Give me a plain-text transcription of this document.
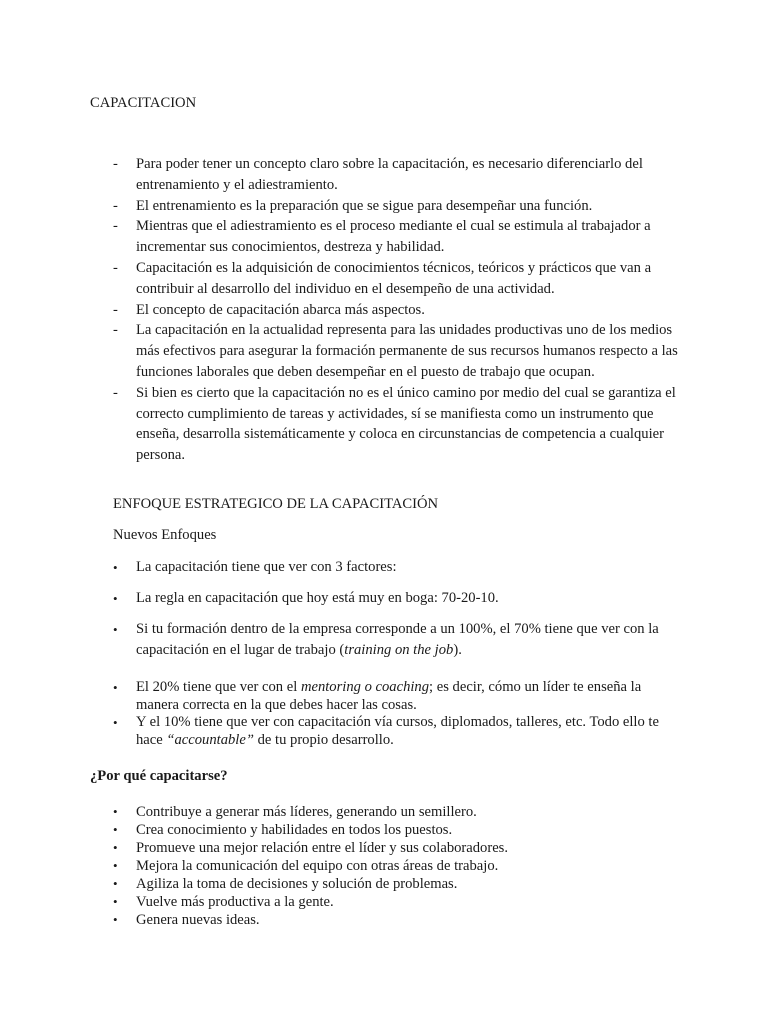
CAPACITACION
- Para poder tener un concepto claro sobre la capacitación, es necesario diferenciarlo del entrenamiento y el adiestramiento.
- El entrenamiento es la preparación que se sigue para desempeñar una función.
- Mientras que el adiestramiento es el proceso mediante el cual se estimula al trabajador a incrementar sus conocimientos, destreza y habilidad.
- Capacitación es la adquisición de conocimientos técnicos, teóricos y prácticos que van a contribuir al desarrollo del individuo en el desempeño de una actividad.
- El concepto de capacitación abarca más aspectos.
- La capacitación en la actualidad representa para las unidades productivas uno de los medios más efectivos para asegurar la formación permanente de sus recursos humanos respecto a las funciones laborales que deben desempeñar en el puesto de trabajo que ocupan.
- Si bien es cierto que la capacitación no es el único camino por medio del cual se garantiza el correcto cumplimiento de tareas y actividades, sí se manifiesta como un instrumento que enseña, desarrolla sistemáticamente y coloca en circunstancias de competencia a cualquier persona.

ENFOQUE ESTRATEGICO DE LA CAPACITACIÓN

Nuevos Enfoques

• La capacitación tiene que ver con 3 factores:
• La regla en capacitación que hoy está muy en boga: 70-20-10.
• Si tu formación dentro de la empresa corresponde a un 100%, el 70% tiene que ver con la capacitación en el lugar de trabajo (training on the job).
• El 20% tiene que ver con el mentoring o coaching; es decir, cómo un líder te enseña la manera correcta en la que debes hacer las cosas.
• Y el 10% tiene que ver con capacitación vía cursos, diplomados, talleres, etc. Todo ello te hace “accountable” de tu propio desarrollo.

¿Por qué capacitarse?

• Contribuye a generar más líderes, generando un semillero.
• Crea conocimiento y habilidades en todos los puestos.
• Promueve una mejor relación entre el líder y sus colaboradores.
• Mejora la comunicación del equipo con otras áreas de trabajo.
• Agiliza la toma de decisiones y solución de problemas.
• Vuelve más productiva a la gente.
• Genera nuevas ideas.
